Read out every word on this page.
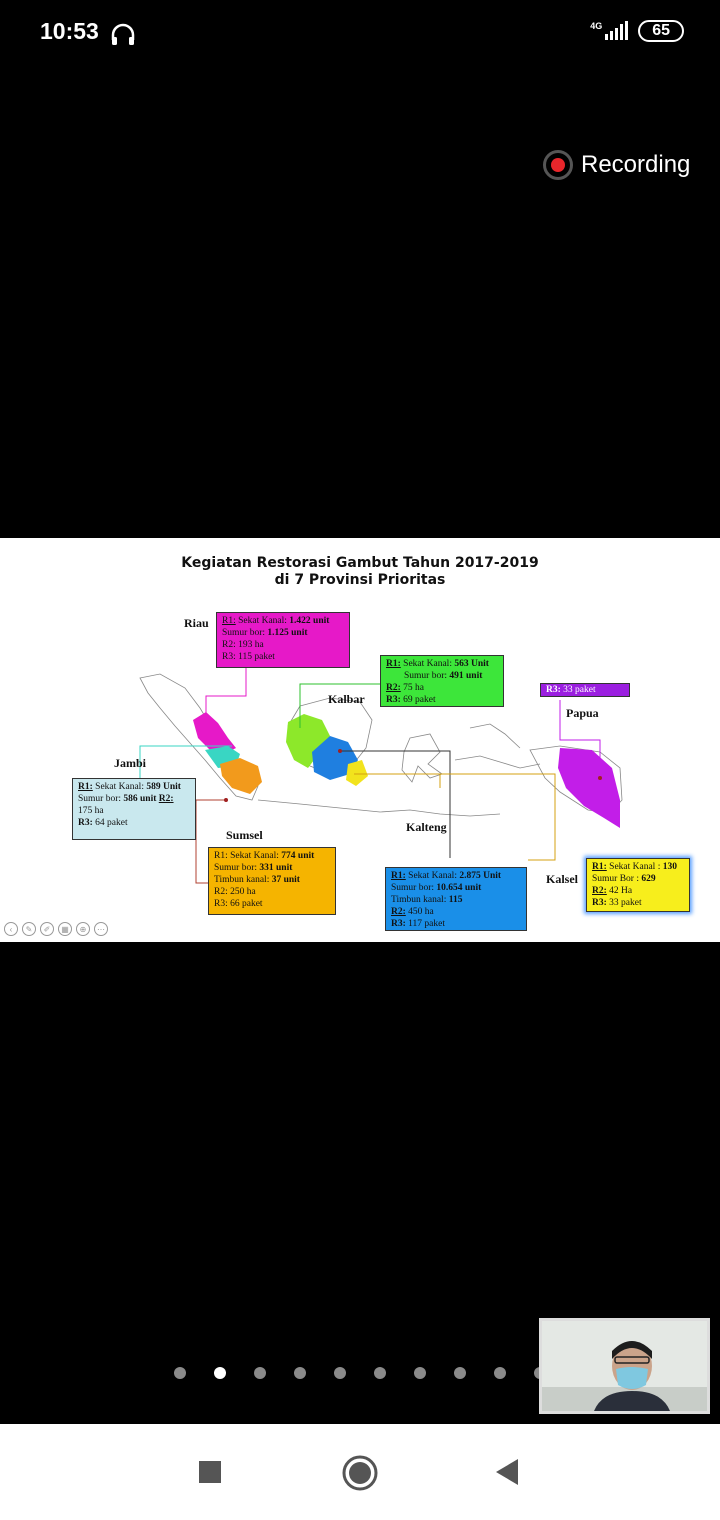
10:53	4G	65
Recording
Kegiatan Restorasi Gambut Tahun 2017-2019
di 7 Provinsi Prioritas
Riau
Jambi
Sumsel
Kalbar
Kalteng
Kalsel
Papua
R1: Sekat Kanal: 1.422 unit
Sumur bor: 1.125 unit
R2: 193 ha
R3: 115 paket
R1: Sekat Kanal: 563 Unit
Sumur bor: 491 unit
R2: 75 ha
R3: 69 paket
R3: 33 paket
R1: Sekat Kanal: 589 Unit
Sumur bor: 586 unit R2:
175 ha
R3: 64 paket
R1: Sekat Kanal: 774 unit
Sumur bor: 331 unit
Timbun kanal: 37 unit
R2: 250 ha
R3: 66 paket
R1: Sekat Kanal: 2.875 Unit
Sumur bor: 10.654 unit
Timbun kanal: 115
R2: 450 ha
R3: 117 paket
R1: Sekat Kanal : 130
Sumur Bor : 629
R2: 42 Ha
R3: 33 paket
‹	✎	✐	▦	⊕	⋯
